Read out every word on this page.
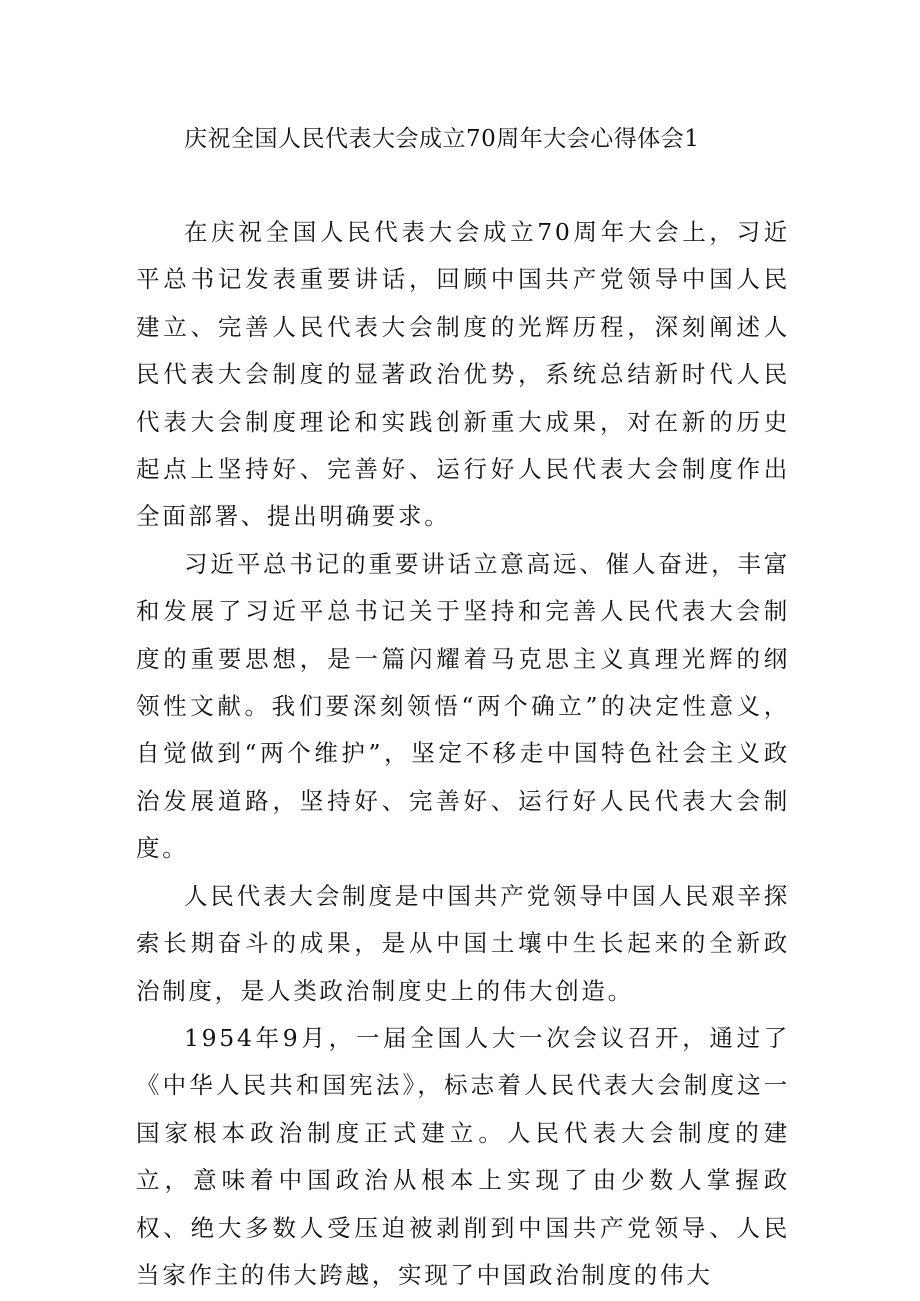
庆祝全国人民代表大会成立70周年大会心得体会1

在庆祝全国人民代表大会成立70周年大会上，习近平总书记发表重要讲话，回顾中国共产党领导中国人民建立、完善人民代表大会制度的光辉历程，深刻阐述人民代表大会制度的显著政治优势，系统总结新时代人民代表大会制度理论和实践创新重大成果，对在新的历史起点上坚持好、完善好、运行好人民代表大会制度作出全面部署、提出明确要求。

习近平总书记的重要讲话立意高远、催人奋进，丰富和发展了习近平总书记关于坚持和完善人民代表大会制度的重要思想，是一篇闪耀着马克思主义真理光辉的纲领性文献。我们要深刻领悟“两个确立”的决定性意义，自觉做到“两个维护”，坚定不移走中国特色社会主义政治发展道路，坚持好、完善好、运行好人民代表大会制度。

人民代表大会制度是中国共产党领导中国人民艰辛探索长期奋斗的成果，是从中国土壤中生长起来的全新政治制度，是人类政治制度史上的伟大创造。

1954年9月，一届全国人大一次会议召开，通过了《中华人民共和国宪法》，标志着人民代表大会制度这一国家根本政治制度正式建立。人民代表大会制度的建立，意味着中国政治从根本上实现了由少数人掌握政权、绝大多数人受压迫被剥削到中国共产党领导、人民当家作主的伟大跨越，实现了中国政治制度的伟大
